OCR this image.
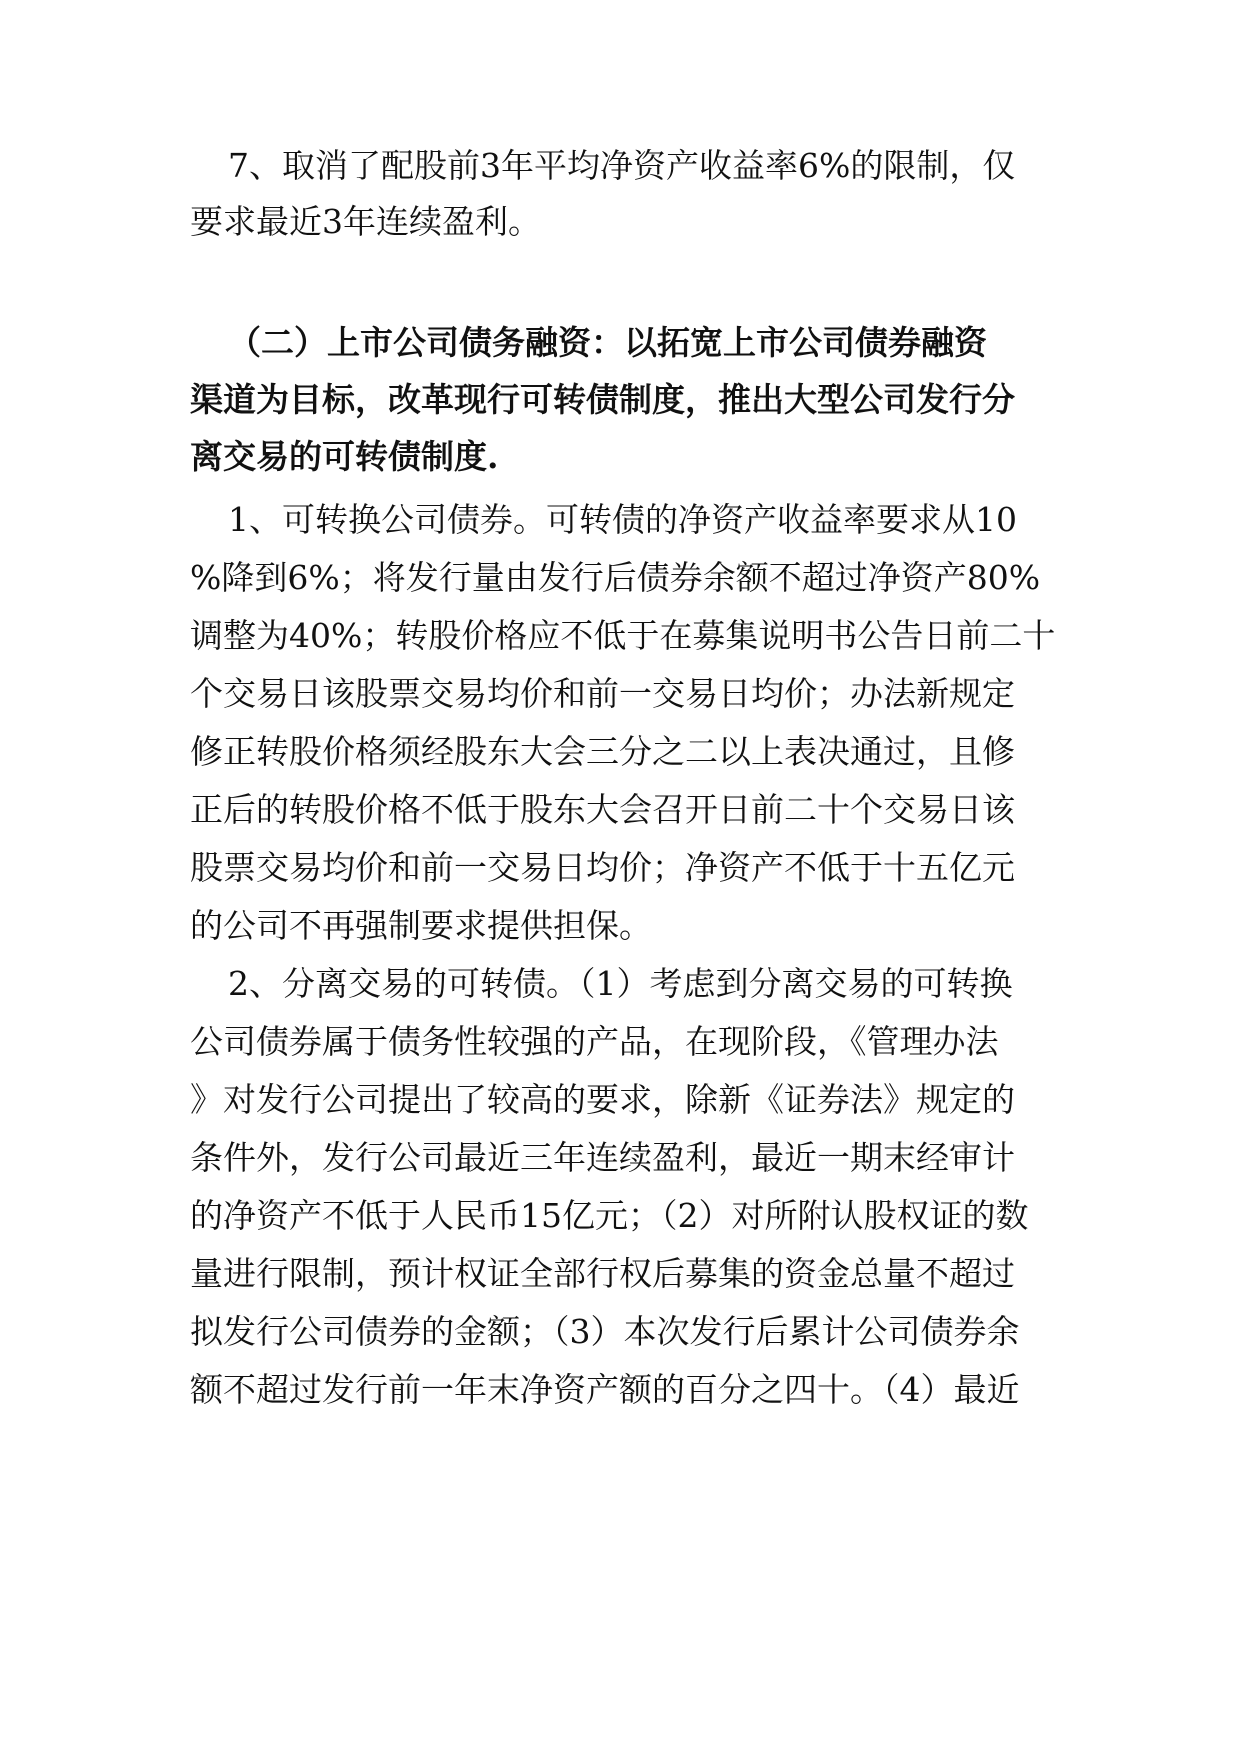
7、取消了配股前3年平均净资产收益率6%的限制，仅
要求最近3年连续盈利。
（二）上市公司债务融资：以拓宽上市公司债券融资
渠道为目标，改革现行可转债制度，推出大型公司发行分
离交易的可转债制度.
1、可转换公司债券。可转债的净资产收益率要求从10
%降到6%；将发行量由发行后债券余额不超过净资产80%
调整为40%；转股价格应不低于在募集说明书公告日前二十
个交易日该股票交易均价和前一交易日均价；办法新规定
修正转股价格须经股东大会三分之二以上表决通过，且修
正后的转股价格不低于股东大会召开日前二十个交易日该
股票交易均价和前一交易日均价；净资产不低于十五亿元
的公司不再强制要求提供担保。
2、分离交易的可转债。（1）考虑到分离交易的可转换
公司债券属于债务性较强的产品，在现阶段，《管理办法
》对发行公司提出了较高的要求，除新《证券法》规定的
条件外，发行公司最近三年连续盈利，最近一期末经审计
的净资产不低于人民币15亿元；（2）对所附认股权证的数
量进行限制，预计权证全部行权后募集的资金总量不超过
拟发行公司债券的金额；（3）本次发行后累计公司债券余
额不超过发行前一年末净资产额的百分之四十。（4）最近
